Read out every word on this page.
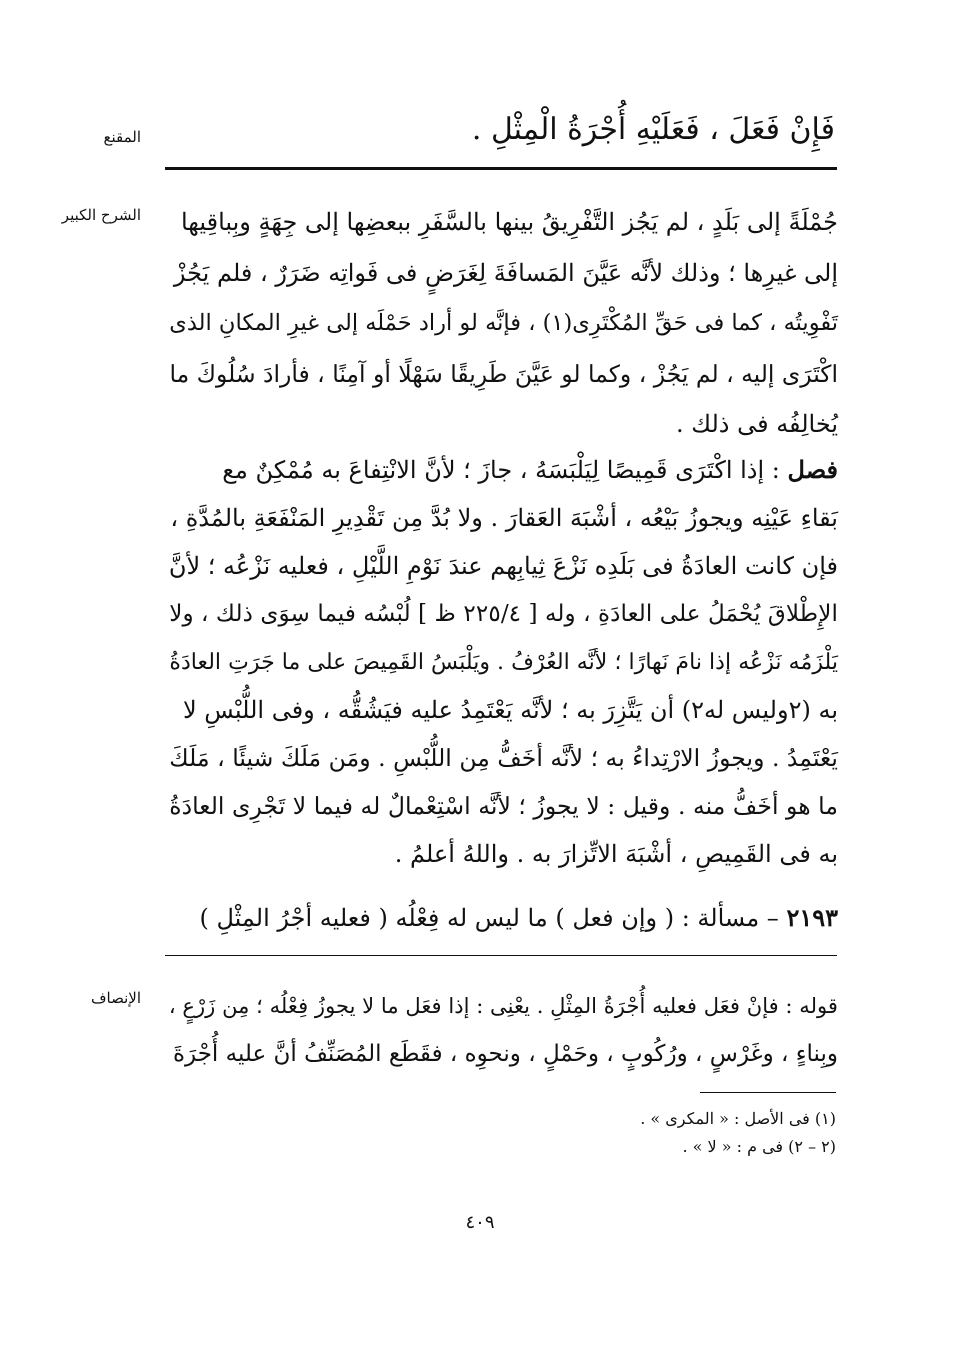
المقنع	فَإِنْ فَعَلَ ، فَعَلَيْهِ أُجْرَةُ الْمِثْلِ .
الشرح الكبير	جُمْلَةً إلى بَلَدٍ ، لم يَجُز التَّفْرِيقُ بينها بالسَّفَرِ ببعضِها إلى جِهَةٍ وبِباقِيها
إلى غيرِها ؛ وذلك لأنَّه عَيَّنَ المَسافَةَ لِغَرَضٍ فى فَواتِه ضَرَرٌ ، فلم يَجُزْ
تَفْوِيتُه ، كما فى حَقِّ المُكْتَرِى(١) ، فإنَّه لو أراد حَمْلَه إلى غيرِ المكانِ الذى
اكْتَرَى إليه ، لم يَجُزْ ، وكما لو عَيَّنَ طَرِيقًا سَهْلًا أو آمِنًا ، فأرادَ سُلُوكَ ما
يُخالِفُه فى ذلك .
فصل : إذا اكْتَرَى قَمِيصًا لِيَلْبَسَهُ ، جازَ ؛ لأنَّ الانْتِفاعَ به مُمْكِنٌ مع
بَقاءِ عَيْنِه ويجوزُ بَيْعُه ، أشْبَهَ العَقارَ . ولا بُدَّ مِن تَقْدِيرِ المَنْفَعَةِ بالمُدَّةِ ،
فإن كانت العادَةُ فى بَلَدِه نَزْعَ ثِيابِهم عندَ نَوْمِ اللَّيْلِ ، فعليه نَزْعُه ؛ لأنَّ
الإِطْلاقَ يُحْمَلُ على العادَةِ ، وله [ ٢٢٥/٤ ظ ] لُبْسُه فيما سِوَى ذلك ، ولا
يَلْزَمُه نَزْعُه إذا نامَ نَهارًا ؛ لأنَّه العُرْفُ . ويَلْبَسُ القَمِيصَ على ما جَرَتِ العادَةُ
به (٢وليس له٢) أن يَتَّزِرَ به ؛ لأنَّه يَعْتَمِدُ عليه فيَشُقُّه ، وفى اللُّبْسِ لا
يَعْتَمِدُ . ويجوزُ الارْتِداءُ به ؛ لأنَّه أخَفُّ مِن اللُّبْسِ . ومَن مَلَكَ شيئًا ، مَلَكَ
ما هو أخَفُّ منه . وقيل : لا يجوزُ ؛ لأنَّه اسْتِعْمالٌ له فيما لا تَجْرِى العادَةُ
به فى القَمِيصِ ، أشْبَهَ الاتِّزارَ به . واللهُ أعلمُ .
٢١٩٣ – مسألة : ( وإن فعل ) ما ليس له فِعْلُه ( فعليه أجْرُ المِثْلِ )
الإنصاف	قوله : فإنْ فعَل فعليه أُجْرَةُ المِثْلِ . يعْنِى : إذا فعَل ما لا يجوزُ فِعْلُه ؛ مِن زَرْعٍ ،
وبِناءٍ ، وغَرْسٍ ، ورُكُوبٍ ، وحَمْلٍ ، ونحوِه ، فقَطَع المُصَنِّفُ أنَّ عليه أُجْرَةَ
(١) فى الأصل : « المكرى » .
(٢ – ٢) فى م : « لا » .
٤٠٩
